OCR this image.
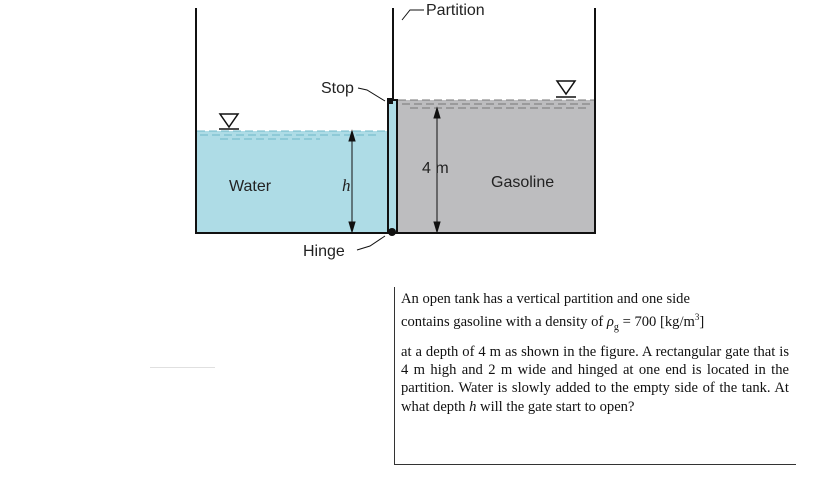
Partition
Stop
Water	h
4 m
Gasoline
Hinge
An open tank has a vertical partition and one side
contains gasoline with a density of $\rho_g = 700$ $[kg/m^3]$
at a depth of 4 m as shown in the figure. A rectangular gate that is 4 m high and 2 m wide and hinged at one end is located in the partition. Water is slowly added to the empty side of the tank. At what depth h will the gate start to open?
